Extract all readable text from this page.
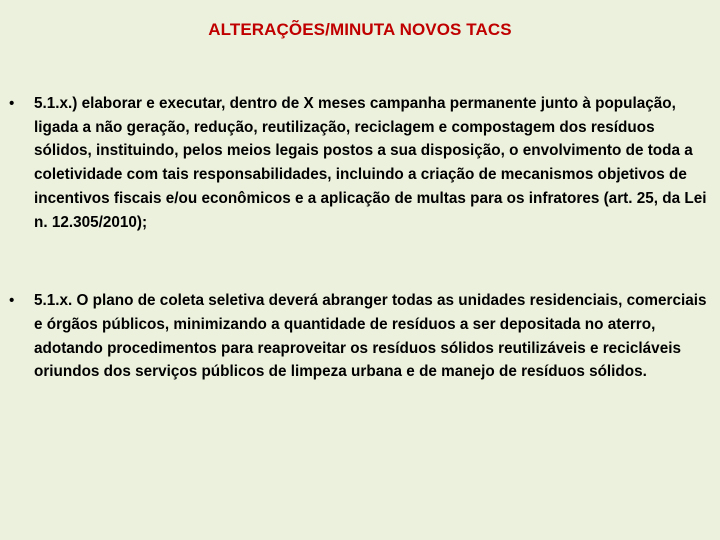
ALTERAÇÕES/MINUTA NOVOS TACS
• 5.1.x.) elaborar e executar, dentro de X meses campanha permanente junto à população, ligada a não geração, redução, reutilização, reciclagem e compostagem dos resíduos sólidos, instituindo, pelos meios legais postos a sua disposição, o envolvimento de toda a coletividade com tais responsabilidades, incluindo a criação de mecanismos objetivos de incentivos fiscais e/ou econômicos e a aplicação de multas para os infratores (art. 25, da Lei n. 12.305/2010);
• 5.1.x. O plano de coleta seletiva deverá abranger todas as unidades residenciais, comerciais e órgãos públicos, minimizando a quantidade de resíduos a ser depositada no aterro, adotando procedimentos para reaproveitar os resíduos sólidos reutilizáveis e recicláveis oriundos dos serviços públicos de limpeza urbana e de manejo de resíduos sólidos.
